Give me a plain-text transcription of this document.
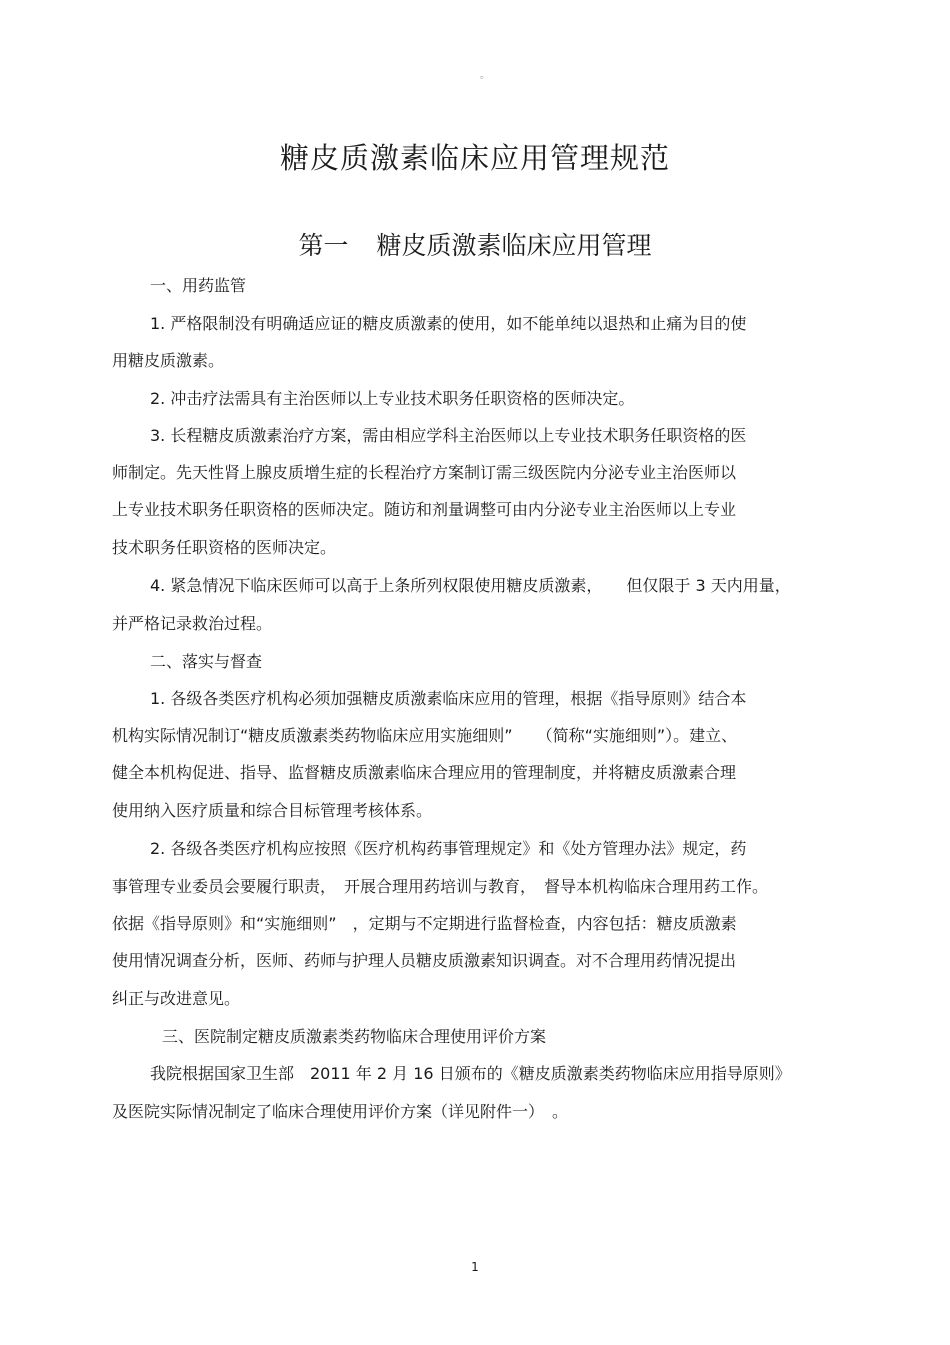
。
糖皮质激素临床应用管理规范
第一 糖皮质激素临床应用管理
一、用药监管
1. 严格限制没有明确适应证的糖皮质激素的使用，如不能单纯以退热和止痛为目的使
用糖皮质激素。
2. 冲击疗法需具有主治医师以上专业技术职务任职资格的医师决定。
3. 长程糖皮质激素治疗方案，需由相应学科主治医师以上专业技术职务任职资格的医
师制定。先天性肾上腺皮质增生症的长程治疗方案制订需三级医院内分泌专业主治医师以
上专业技术职务任职资格的医师决定。随访和剂量调整可由内分泌专业主治医师以上专业
技术职务任职资格的医师决定。
4. 紧急情况下临床医师可以高于上条所列权限使用糖皮质激素，　　但仅限于 3 天内用量，
并严格记录救治过程。
二、落实与督查
1. 各级各类医疗机构必须加强糖皮质激素临床应用的管理，根据《指导原则》结合本
机构实际情况制订“糖皮质激素类药物临床应用实施细则”　　（简称“实施细则”）。建立、
健全本机构促进、指导、监督糖皮质激素临床合理应用的管理制度，并将糖皮质激素合理
使用纳入医疗质量和综合目标管理考核体系。
2. 各级各类医疗机构应按照《医疗机构药事管理规定》和《处方管理办法》规定，药
事管理专业委员会要履行职责，　开展合理用药培训与教育，　督导本机构临床合理用药工作。
依据《指导原则》和“实施细则”　，定期与不定期进行监督检查，内容包括：糖皮质激素
使用情况调查分析，医师、药师与护理人员糖皮质激素知识调查。对不合理用药情况提出
纠正与改进意见。
三、医院制定糖皮质激素类药物临床合理使用评价方案
我院根据国家卫生部　2011 年 2 月 16 日颁布的《糖皮质激素类药物临床应用指导原则》
及医院实际情况制定了临床合理使用评价方案（详见附件一）　。
1
